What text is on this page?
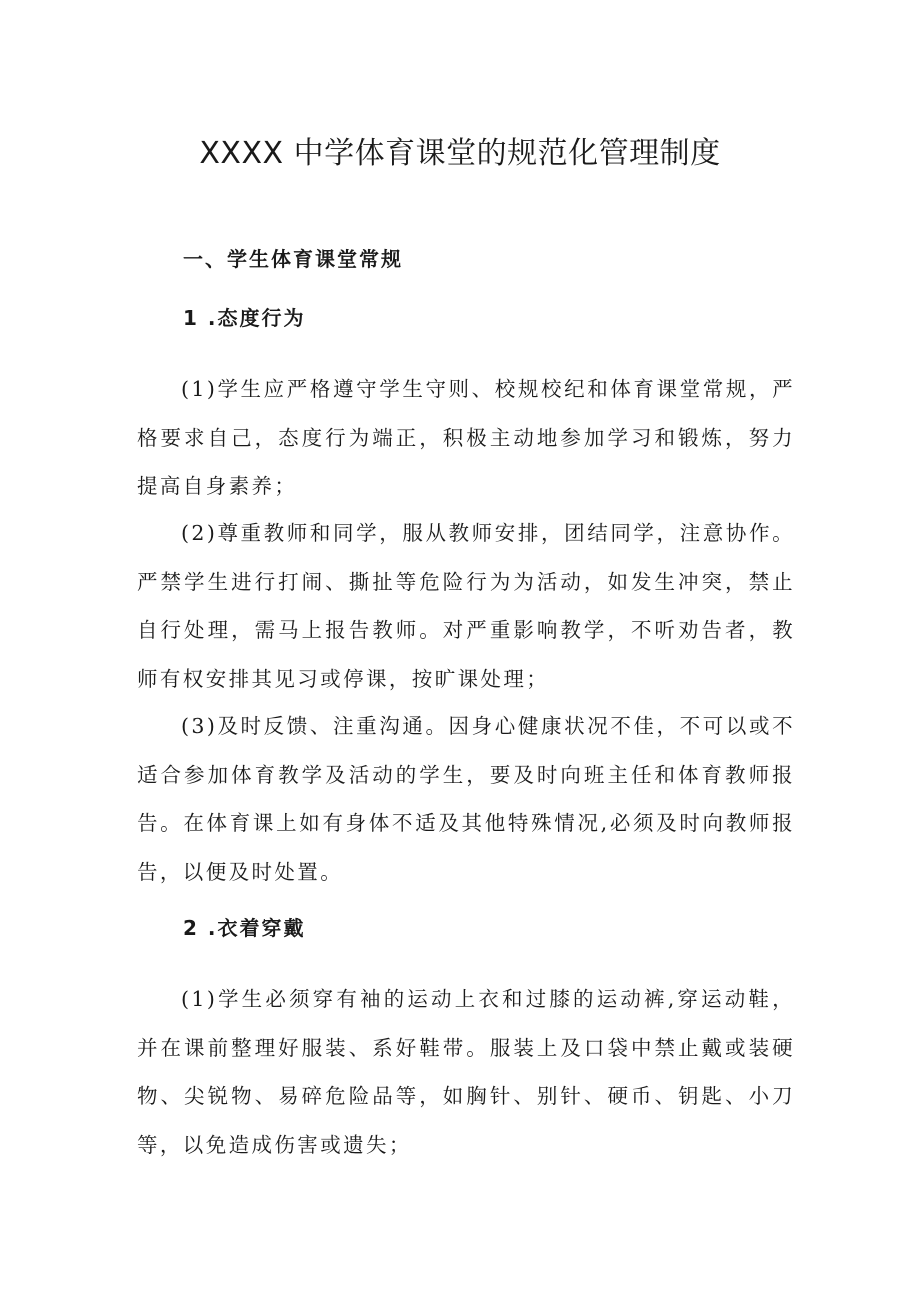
XXXX 中学体育课堂的规范化管理制度
一、学生体育课堂常规
1 .态度行为

(1)学生应严格遵守学生守则、校规校纪和体育课堂常规，严格要求自己，态度行为端正，积极主动地参加学习和锻炼，努力提高自身素养；

(2)尊重教师和同学，服从教师安排，团结同学，注意协作。严禁学生进行打闹、撕扯等危险行为为活动，如发生冲突，禁止自行处理，需马上报告教师。对严重影响教学，不听劝告者，教师有权安排其见习或停课，按旷课处理；

(3)及时反馈、注重沟通。因身心健康状况不佳，不可以或不适合参加体育教学及活动的学生，要及时向班主任和体育教师报告。在体育课上如有身体不适及其他特殊情况,必须及时向教师报告，以便及时处置。

2 .衣着穿戴

(1)学生必须穿有袖的运动上衣和过膝的运动裤,穿运动鞋，并在课前整理好服装、系好鞋带。服装上及口袋中禁止戴或装硬物、尖锐物、易碎危险品等，如胸针、别针、硬币、钥匙、小刀等，以免造成伤害或遗失；
